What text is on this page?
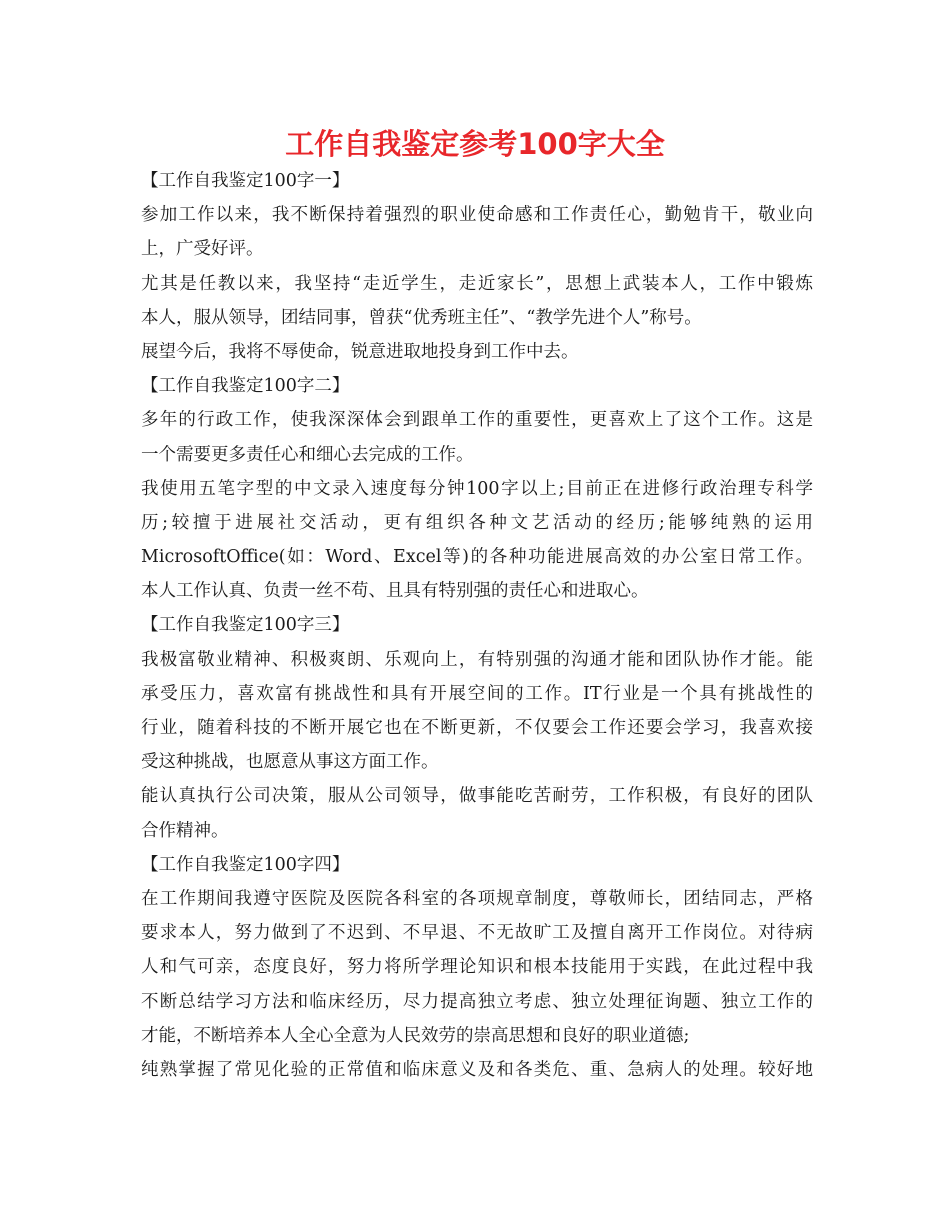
工作自我鉴定参考100字大全
【工作自我鉴定100字一】
参加工作以来，我不断保持着强烈的职业使命感和工作责任心，勤勉肯干，敬业向
上，广受好评。
尤其是任教以来，我坚持“走近学生，走近家长”，思想上武装本人，工作中锻炼
本人，服从领导，团结同事，曾获“优秀班主任”、“教学先进个人”称号。
展望今后，我将不辱使命，锐意进取地投身到工作中去。
【工作自我鉴定100字二】
多年的行政工作，使我深深体会到跟单工作的重要性，更喜欢上了这个工作。这是
一个需要更多责任心和细心去完成的工作。
我使用五笔字型的中文录入速度每分钟100字以上;目前正在进修行政治理专科学
历;较擅于进展社交活动，更有组织各种文艺活动的经历;能够纯熟的运用
MicrosoftOffice(如：Word、Excel等)的各种功能进展高效的办公室日常工作。
本人工作认真、负责一丝不苟、且具有特别强的责任心和进取心。
【工作自我鉴定100字三】
我极富敬业精神、积极爽朗、乐观向上，有特别强的沟通才能和团队协作才能。能
承受压力，喜欢富有挑战性和具有开展空间的工作。IT行业是一个具有挑战性的
行业，随着科技的不断开展它也在不断更新，不仅要会工作还要会学习，我喜欢接
受这种挑战，也愿意从事这方面工作。
能认真执行公司决策，服从公司领导，做事能吃苦耐劳，工作积极，有良好的团队
合作精神。
【工作自我鉴定100字四】
在工作期间我遵守医院及医院各科室的各项规章制度，尊敬师长，团结同志，严格
要求本人，努力做到了不迟到、不早退、不无故旷工及擅自离开工作岗位。对待病
人和气可亲，态度良好，努力将所学理论知识和根本技能用于实践，在此过程中我
不断总结学习方法和临床经历，尽力提高独立考虑、独立处理征询题、独立工作的
才能，不断培养本人全心全意为人民效劳的崇高思想和良好的职业道德;
纯熟掌握了常见化验的正常值和临床意义及和各类危、重、急病人的处理。较好地
